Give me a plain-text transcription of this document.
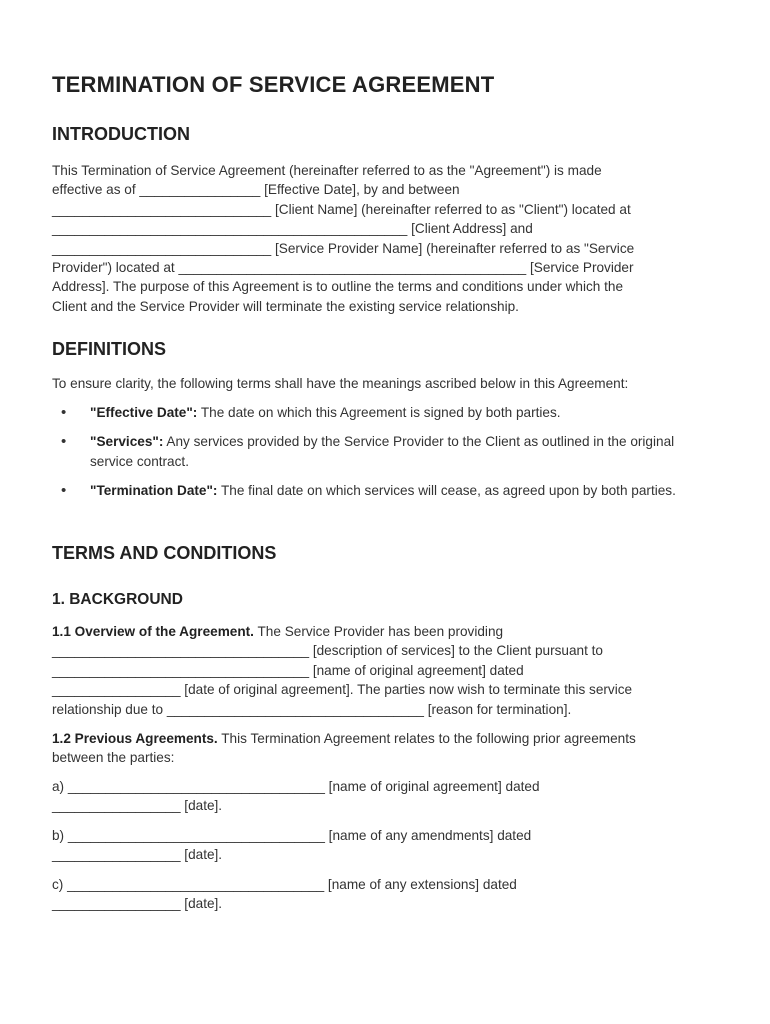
TERMINATION OF SERVICE AGREEMENT
INTRODUCTION
This Termination of Service Agreement (hereinafter referred to as the "Agreement") is made
effective as of ________________ [Effective Date], by and between
_____________________________ [Client Name] (hereinafter referred to as "Client") located at
_______________________________________________ [Client Address] and
_____________________________ [Service Provider Name] (hereinafter referred to as "Service
Provider") located at ______________________________________________ [Service Provider
Address]. The purpose of this Agreement is to outline the terms and conditions under which the
Client and the Service Provider will terminate the existing service relationship.
DEFINITIONS
To ensure clarity, the following terms shall have the meanings ascribed below in this Agreement:
• "Effective Date": The date on which this Agreement is signed by both parties.
• "Services": Any services provided by the Service Provider to the Client as outlined in the original service contract.
• "Termination Date": The final date on which services will cease, as agreed upon by both parties.
TERMS AND CONDITIONS
1. BACKGROUND
1.1 Overview of the Agreement. The Service Provider has been providing
__________________________________ [description of services] to the Client pursuant to
__________________________________ [name of original agreement] dated
_________________ [date of original agreement]. The parties now wish to terminate this service
relationship due to __________________________________ [reason for termination].
1.2 Previous Agreements. This Termination Agreement relates to the following prior agreements
between the parties:
a) __________________________________ [name of original agreement] dated
_________________ [date].
b) __________________________________ [name of any amendments] dated
_________________ [date].
c) __________________________________ [name of any extensions] dated
_________________ [date].
